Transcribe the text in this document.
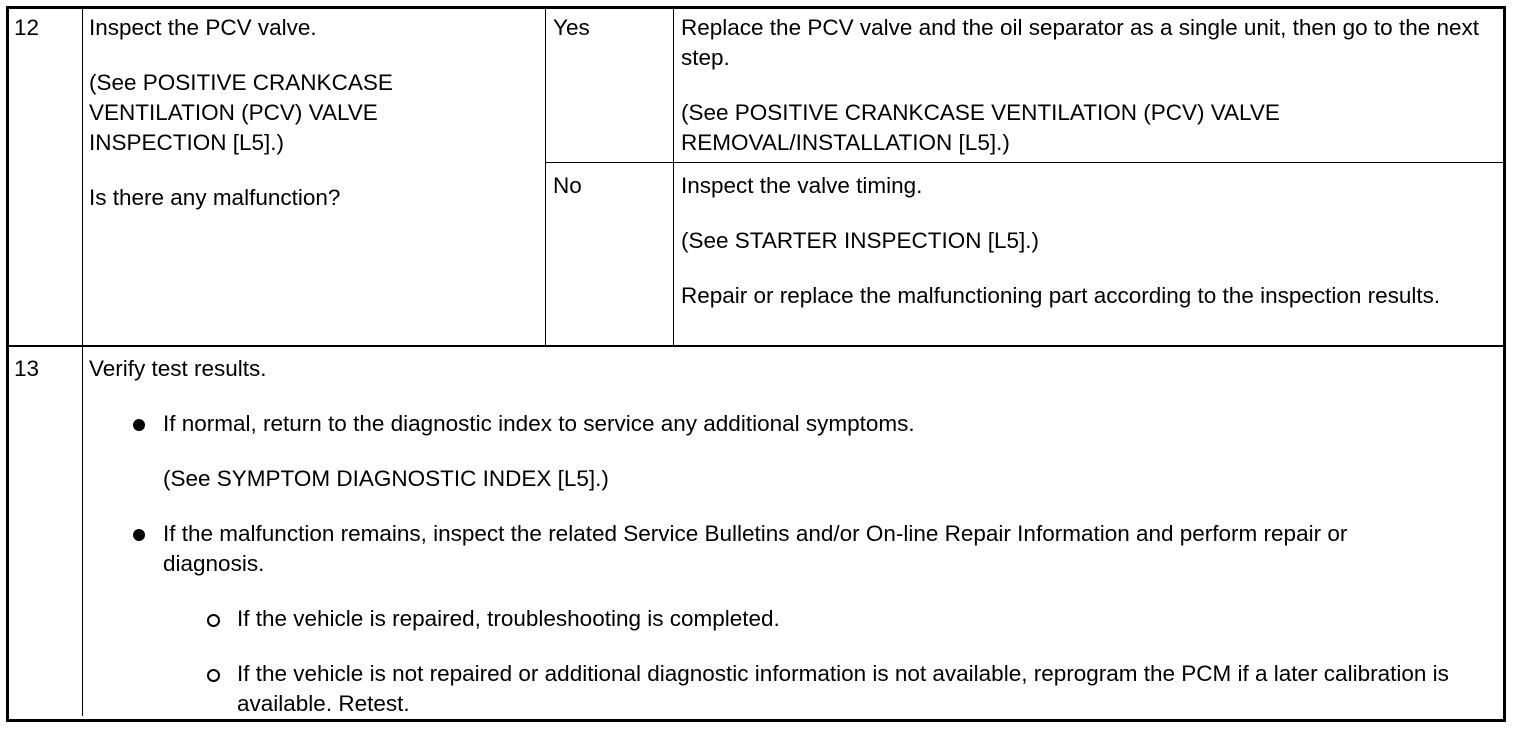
12 Inspect the PCV valve.

(See POSITIVE CRANKCASE VENTILATION (PCV) VALVE INSPECTION [L5].)

Is there any malfunction?

Yes	Replace the PCV valve and the oil separator as a single unit, then go to the next step.

(See POSITIVE CRANKCASE VENTILATION (PCV) VALVE REMOVAL/INSTALLATION [L5].)

No	Inspect the valve timing.

(See STARTER INSPECTION [L5].)

Repair or replace the malfunctioning part according to the inspection results.

13 Verify test results.

If normal, return to the diagnostic index to service any additional symptoms.

(See SYMPTOM DIAGNOSTIC INDEX [L5].)

If the malfunction remains, inspect the related Service Bulletins and/or On-line Repair Information and perform repair or diagnosis.

If the vehicle is repaired, troubleshooting is completed.

If the vehicle is not repaired or additional diagnostic information is not available, reprogram the PCM if a later calibration is available. Retest.
